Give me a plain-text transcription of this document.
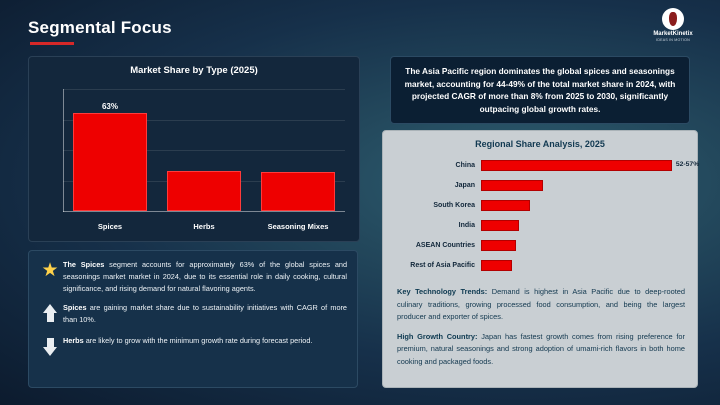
Segmental Focus	MarketKinetix
IDEAS IN MOTION
Market Share by Type (2025)
63%
Spices	Herbs	Seasoning Mixes

The Asia Pacific region dominates the global spices and seasonings market, accounting for 44-49% of the total market share in 2024, with projected CAGR of more than 8% from 2025 to 2030, significantly outpacing global growth rates.

Regional Share Analysis, 2025
China	52-57%
Japan
South Korea
India
ASEAN Countries
Rest of Asia Pacific

Key Technology Trends: Demand is highest in Asia Pacific due to deep-rooted culinary traditions, growing processed food consumption, and being the largest producer and exporter of spices.

High Growth Country: Japan has fastest growth comes from rising preference for premium, natural seasonings and strong adoption of umami-rich flavors in both home cooking and packaged foods.

★ The Spices segment accounts for approximately 63% of the global spices and seasonings market market in 2024, due to its essential role in daily cooking, cultural significance, and rising demand for natural flavoring agents.
Spices are gaining market share due to sustainability initiatives with CAGR of more than 10%.
Herbs are likely to grow with the minimum growth rate during forecast period.
